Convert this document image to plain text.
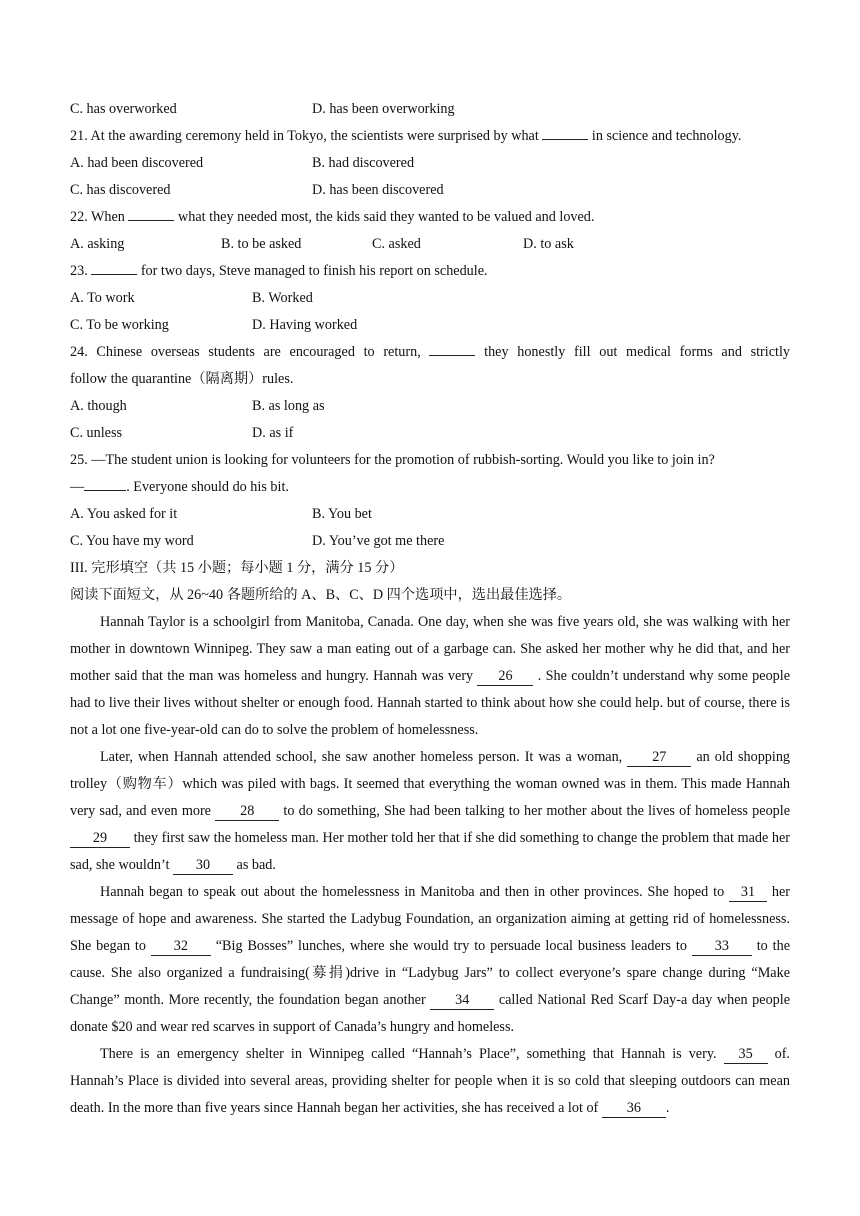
C. has overworked	D. has been overworking
21. At the awarding ceremony held in Tokyo, the scientists were surprised by what	in science and technology.
A. had been discovered	B. had discovered
C. has discovered	D. has been discovered
22. When	what they needed most, the kids said they wanted to be valued and loved.
A. asking	B. to be asked	C. asked	D. to ask
23.	for two days, Steve managed to finish his report on schedule.
A. To work	B. Worked
C. To be working	D. Having worked
24. Chinese overseas students are encouraged to return,	they honestly fill out medical forms and strictly
follow the quarantine（隔离期）rules.
A. though	B. as long as
C. unless	D. as if
25. —The student union is looking for volunteers for the promotion of rubbish-sorting. Would you like to join in?
—	. Everyone should do his bit.
A. You asked for it	B. You bet
C. You have my word	D. You’ve got me there
III. 完形填空（共 15 小题；每小题 1 分，满分 15 分）
阅读下面短文，从 26~40 各题所给的 A、B、C、D 四个选项中，选出最佳选择。
Hannah Taylor is a schoolgirl from Manitoba, Canada. One day, when she was five years old, she was walking with her mother in downtown Winnipeg. They saw a man eating out of a garbage can. She asked her mother why he did that, and her mother said that the man was homeless and hungry. Hannah was very 26 . She couldn’t understand why some people had to live their lives without shelter or enough food. Hannah started to think about how she could help. but of course, there is not a lot one five-year-old can do to solve the problem of homelessness.
Later, when Hannah attended school, she saw another homeless person. It was a woman, 27 an old shopping trolley（购物车）which was piled with bags. It seemed that everything the woman owned was in them. This made Hannah very sad, and even more 28 to do something, She had been talking to her mother about the lives of homeless people 29 they first saw the homeless man. Her mother told her that if she did something to change the problem that made her sad, she wouldn’t 30 as bad.
Hannah began to speak out about the homelessness in Manitoba and then in other provinces. She hoped to 31 her message of hope and awareness. She started the Ladybug Foundation, an organization aiming at getting rid of homelessness. She began to 32 “Big Bosses” lunches, where she would try to persuade local business leaders to 33 to the cause. She also organized a fundraising(募捐)drive in “Ladybug Jars” to collect everyone’s spare change during “Make Change” month. More recently, the foundation began another 34 called National Red Scarf Day-a day when people donate $20 and wear red scarves in support of Canada’s hungry and homeless.
There is an emergency shelter in Winnipeg called “Hannah’s Place”, something that Hannah is very. 35 of. Hannah’s Place is divided into several areas, providing shelter for people when it is so cold that sleeping outdoors can mean death. In the more than five years since Hannah began her activities, she has received a lot of 36 .
